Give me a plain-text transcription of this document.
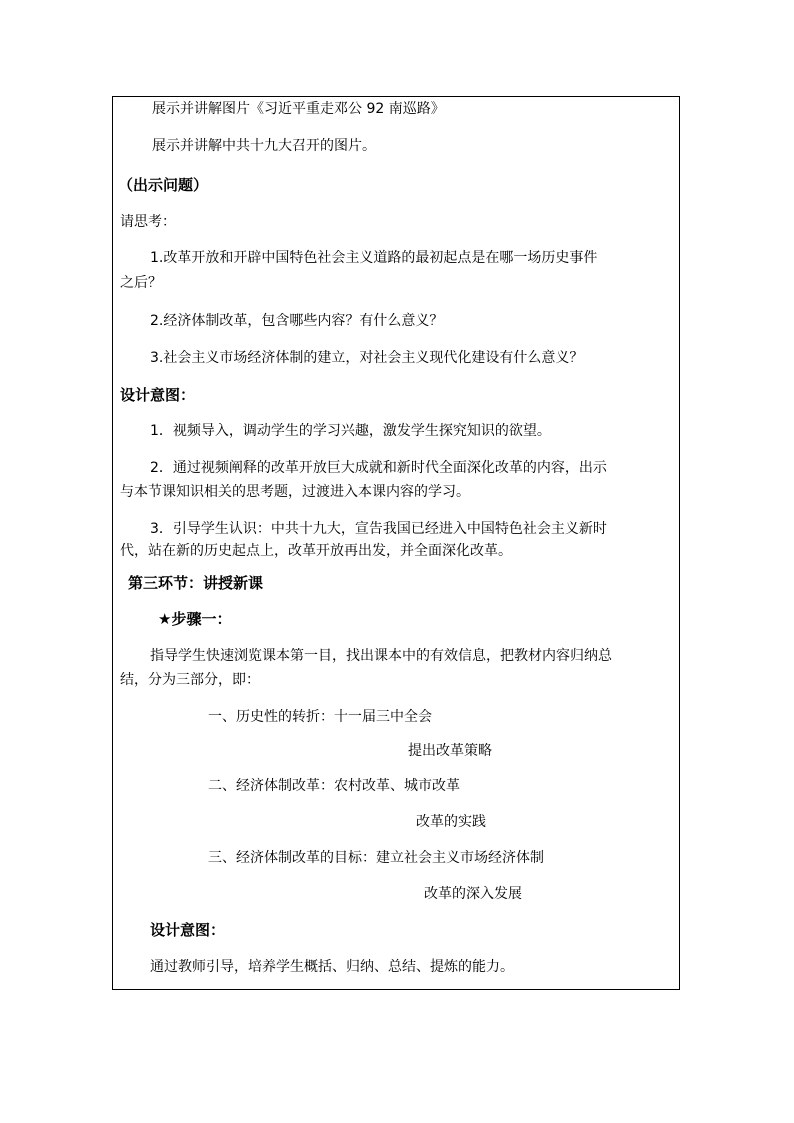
展示并讲解图片《习近平重走邓公 92 南巡路》
展示并讲解中共十九大召开的图片。
（出示问题）
请思考：
1.改革开放和开辟中国特色社会主义道路的最初起点是在哪一场历史事件
之后？
2.经济体制改革，包含哪些内容？有什么意义？
3.社会主义市场经济体制的建立，对社会主义现代化建设有什么意义？
设计意图：
1．视频导入，调动学生的学习兴趣，激发学生探究知识的欲望。
2．通过视频阐释的改革开放巨大成就和新时代全面深化改革的内容，出示
与本节课知识相关的思考题，过渡进入本课内容的学习。
3．引导学生认识：中共十九大，宣告我国已经进入中国特色社会主义新时
代，站在新的历史起点上，改革开放再出发，并全面深化改革。
第三环节：讲授新课
★步骤一：
指导学生快速浏览课本第一目，找出课本中的有效信息，把教材内容归纳总
结，分为三部分，即：
一、历史性的转折：十一届三中全会
提出改革策略
二、经济体制改革：农村改革、城市改革
改革的实践
三、经济体制改革的目标：建立社会主义市场经济体制
改革的深入发展
设计意图：
通过教师引导，培养学生概括、归纳、总结、提炼的能力。
